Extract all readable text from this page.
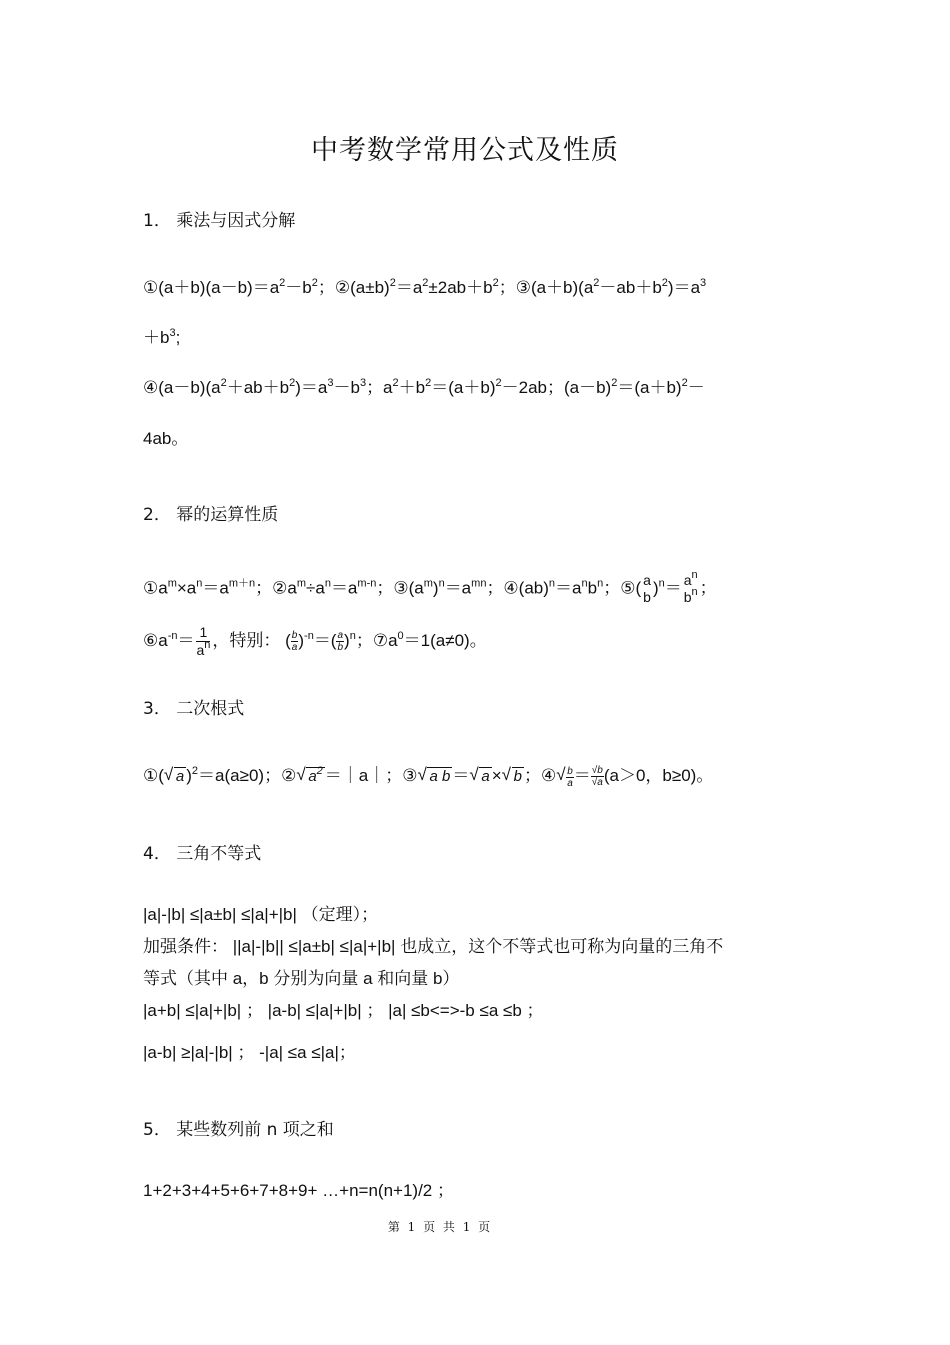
中考数学常用公式及性质
1． 乘法与因式分解
$①(a+b)(a-b)=a^2-b^2$；$②(a\pm b)^2=a^2\pm 2ab+b^2$；$③(a+b)(a^2-ab+b^2)=a^3$
$+b^3$;
$④(a-b)(a^2+ab+b^2)=a^3-b^3$；$a^2+b^2=(a+b)^2-2ab$；$(a-b)^2=(a+b)^2-$
4ab。
2． 幂的运算性质
$①a^m\times a^n=a^{m+n}$；$②a^m\div a^n=a^{m-n}$；$③(a^m)^n=a^{mn}$；$④(ab)^n=a^nb^n$；⑤( a
b )$^n= a^n$
$b^n$ ；
$⑥a^{-n}= \frac{1}{a^n}$ ，特别： ( $\frac{b}{a} )^{-n}=( \frac{a}{b} )^n$；$⑦a^0=1(a\ne 0)$。
3． 二次根式
①( √ a )$^2$＝a(a≥0)；② √ $a^2$ ＝｜a｜；③ √ a b ＝ √ a × √ b ；④ √ $\frac{b}{a} = \frac{√b}{√a} (a>0$，b≥0)。
4． 三角不等式
|a|-|b| ≤|a±b| ≤|a|+|b| （定理）；
加强条件： ||a|-|b|| ≤|a±b| ≤|a|+|b| 也成立，这个不等式也可称为向量的三角不
等式（其中 a，b 分别为向量 a 和向量 b）
|a+b| ≤|a|+|b| ； |a-b| ≤|a|+|b| ； |a| ≤b<=>-b ≤a ≤b ；
|a-b| ≥|a|-|b| ； -|a| ≤a ≤|a|；
5． 某些数列前 n 项之和
1+2+3+4+5+6+7+8+9+ …+n=n(n+1)/2 ；
第 1 页 共 1 页
